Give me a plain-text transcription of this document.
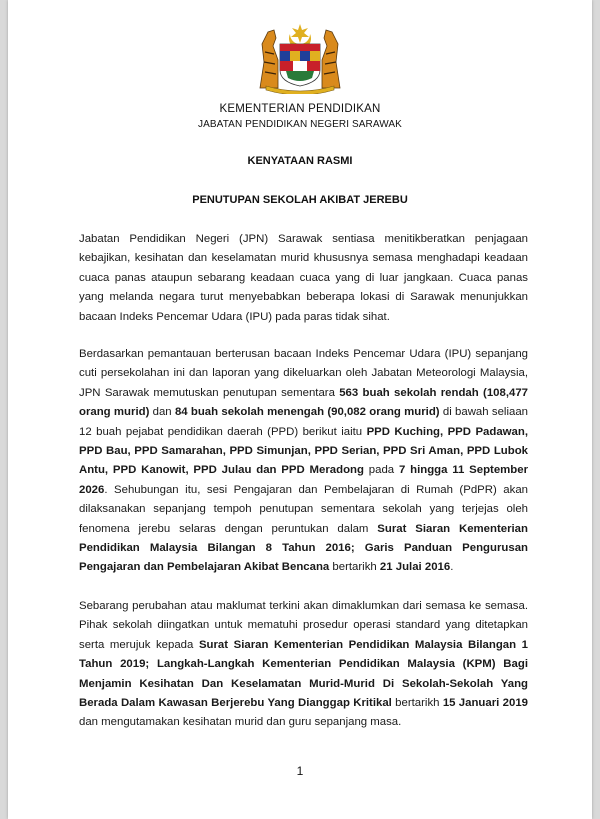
KEMENTERIAN PENDIDIKAN
JABATAN PENDIDIKAN NEGERI SARAWAK
KENYATAAN RASMI
PENUTUPAN SEKOLAH AKIBAT JEREBU
Jabatan Pendidikan Negeri (JPN) Sarawak sentiasa menitikberatkan penjagaan kebajikan, kesihatan dan keselamatan murid khususnya semasa menghadapi keadaan cuaca panas ataupun sebarang keadaan cuaca yang di luar jangkaan. Cuaca panas yang melanda negara turut menyebabkan beberapa lokasi di Sarawak menunjukkan bacaan Indeks Pencemar Udara (IPU) pada paras tidak sihat.
Berdasarkan pemantauan berterusan bacaan Indeks Pencemar Udara (IPU) sepanjang cuti persekolahan ini dan laporan yang dikeluarkan oleh Jabatan Meteorologi Malaysia, JPN Sarawak memutuskan penutupan sementara 563 buah sekolah rendah (108,477 orang murid) dan 84 buah sekolah menengah (90,082 orang murid) di bawah seliaan 12 buah pejabat pendidikan daerah (PPD) berikut iaitu PPD Kuching, PPD Padawan, PPD Bau, PPD Samarahan, PPD Simunjan, PPD Serian, PPD Sri Aman, PPD Lubok Antu, PPD Kanowit, PPD Julau dan PPD Meradong pada 7 hingga 11 September 2026. Sehubungan itu, sesi Pengajaran dan Pembelajaran di Rumah (PdPR) akan dilaksanakan sepanjang tempoh penutupan sementara sekolah yang terjejas oleh fenomena jerebu selaras dengan peruntukan dalam Surat Siaran Kementerian Pendidikan Malaysia Bilangan 8 Tahun 2016; Garis Panduan Pengurusan Pengajaran dan Pembelajaran Akibat Bencana bertarikh 21 Julai 2016.
Sebarang perubahan atau maklumat terkini akan dimaklumkan dari semasa ke semasa. Pihak sekolah diingatkan untuk mematuhi prosedur operasi standard yang ditetapkan serta merujuk kepada Surat Siaran Kementerian Pendidikan Malaysia Bilangan 1 Tahun 2019; Langkah-Langkah Kementerian Pendidikan Malaysia (KPM) Bagi Menjamin Kesihatan Dan Keselamatan Murid-Murid Di Sekolah-Sekolah Yang Berada Dalam Kawasan Berjerebu Yang Dianggap Kritikal bertarikh 15 Januari 2019 dan mengutamakan kesihatan murid dan guru sepanjang masa.
1
